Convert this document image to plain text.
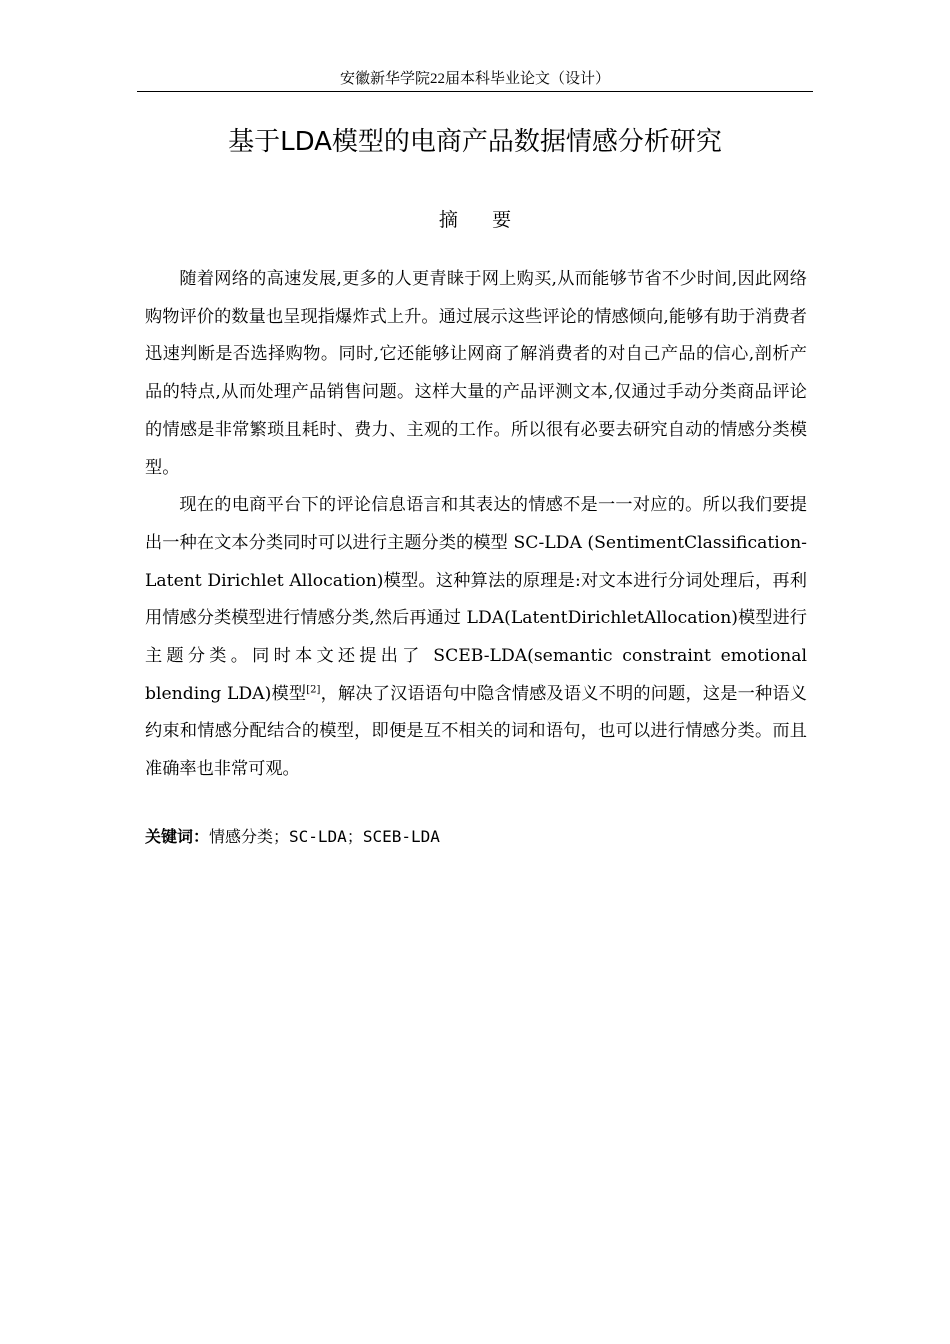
安徽新华学院22届本科毕业论文（设计）
基于LDA模型的电商产品数据情感分析研究
摘要

随着网络的高速发展,更多的人更青睐于网上购买,从而能够节省不少时间,因此网络购物评价的数量也呈现指爆炸式上升。通过展示这些评论的情感倾向,能够有助于消费者迅速判断是否选择购物。同时,它还能够让网商了解消费者的对自己产品的信心,剖析产品的特点,从而处理产品销售问题。这样大量的产品评测文本,仅通过手动分类商品评论的情感是非常繁琐且耗时、费力、主观的工作。所以很有必要去研究自动的情感分类模型。

现在的电商平台下的评论信息语言和其表达的情感不是一一对应的。所以我们要提出一种在文本分类同时可以进行主题分类的模型 SC-LDA (SentimentClassification-Latent Dirichlet Allocation)模型。这种算法的原理是:对文本进行分词处理后，再利用情感分类模型进行情感分类,然后再通过 LDA(LatentDirichletAllocation)模型进行主题分类。同时本文还提出了 SCEB-LDA(semantic constraint emotional blending LDA)模型[2]，解决了汉语语句中隐含情感及语义不明的问题，这是一种语义约束和情感分配结合的模型，即便是互不相关的词和语句，也可以进行情感分类。而且准确率也非常可观。

关键词：情感分类；SC-LDA；SCEB-LDA
